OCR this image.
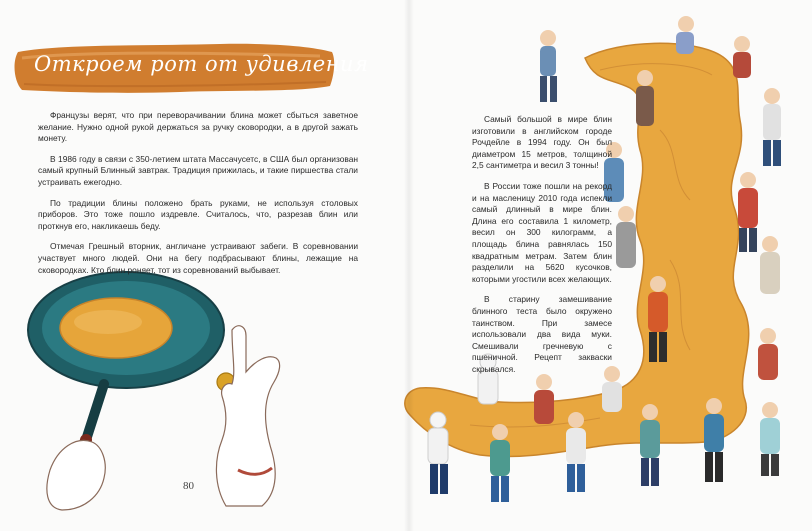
Откроем рот от удивления

Французы верят, что при переворачивании блина может сбыться заветное желание. Нужно одной рукой держаться за ручку сковородки, а в другой зажать монету.

В 1986 году в связи с 350-летием штата Массачусетс, в США был организован самый крупный Блинный завтрак. Традиция прижилась, и такие пиршества стали устраивать ежегодно.

По традиции блины положено брать руками, не используя столовых приборов. Это тоже пошло издревле. Считалось, что, разрезав блин или проткнув его, накликаешь беду.

Отмечая Грешный вторник, англичане устраивают забеги. В соревновании участвует много людей. Они на бегу подбрасывают блины, лежащие на сковородках. Кто блин роняет, тот из соревнований выбывает.

80

Самый большой в мире блин изготовили в английском городе Рочдейле в 1994 году. Он был диаметром 15 метров, толщиной 2,5 сантиметра и весил 3 тонны!

В России тоже пошли на рекорд и на масленицу 2010 года испекли самый длинный в мире блин. Длина его составила 1 километр, весил он 300 килограмм, а площадь блина равнялась 150 квадратным метрам. Затем блин разделили на 5620 кусочков, которыми угостили всех желающих.

В старину замешивание блинного теста было окружено таинством. При замесе использовали два вида муки. Смешивали гречневую с пшеничной. Рецепт закваски скрывался.
